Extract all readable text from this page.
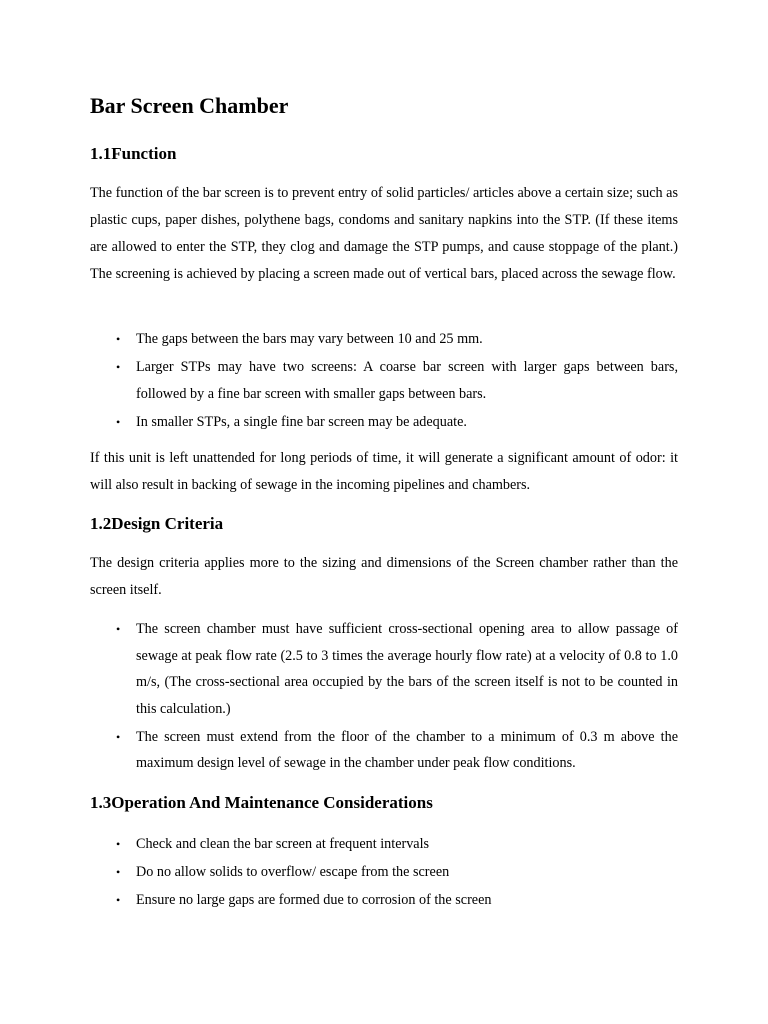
Bar Screen Chamber
1.1Function

The function of the bar screen is to prevent entry of solid particles/ articles above a certain size; such as plastic cups, paper dishes, polythene bags, condoms and sanitary napkins into the STP. (If these items are allowed to enter the STP, they clog and damage the STP pumps, and cause stoppage of the plant.) The screening is achieved by placing a screen made out of vertical bars, placed across the sewage flow.

• The gaps between the bars may vary between 10 and 25 mm.
• Larger STPs may have two screens: A coarse bar screen with larger gaps between bars, followed by a fine bar screen with smaller gaps between bars.
• In smaller STPs, a single fine bar screen may be adequate.

If this unit is left unattended for long periods of time, it will generate a significant amount of odor: it will also result in backing of sewage in the incoming pipelines and chambers.

1.2Design Criteria

The design criteria applies more to the sizing and dimensions of the Screen chamber rather than the screen itself.

• The screen chamber must have sufficient cross-sectional opening area to allow passage of sewage at peak flow rate (2.5 to 3 times the average hourly flow rate) at a velocity of 0.8 to 1.0 m/s, (The cross-sectional area occupied by the bars of the screen itself is not to be counted in this calculation.)
• The screen must extend from the floor of the chamber to a minimum of 0.3 m above the maximum design level of sewage in the chamber under peak flow conditions.
1.3Operation And Maintenance Considerations
• Check and clean the bar screen at frequent intervals
• Do no allow solids to overflow/ escape from the screen
• Ensure no large gaps are formed due to corrosion of the screen
